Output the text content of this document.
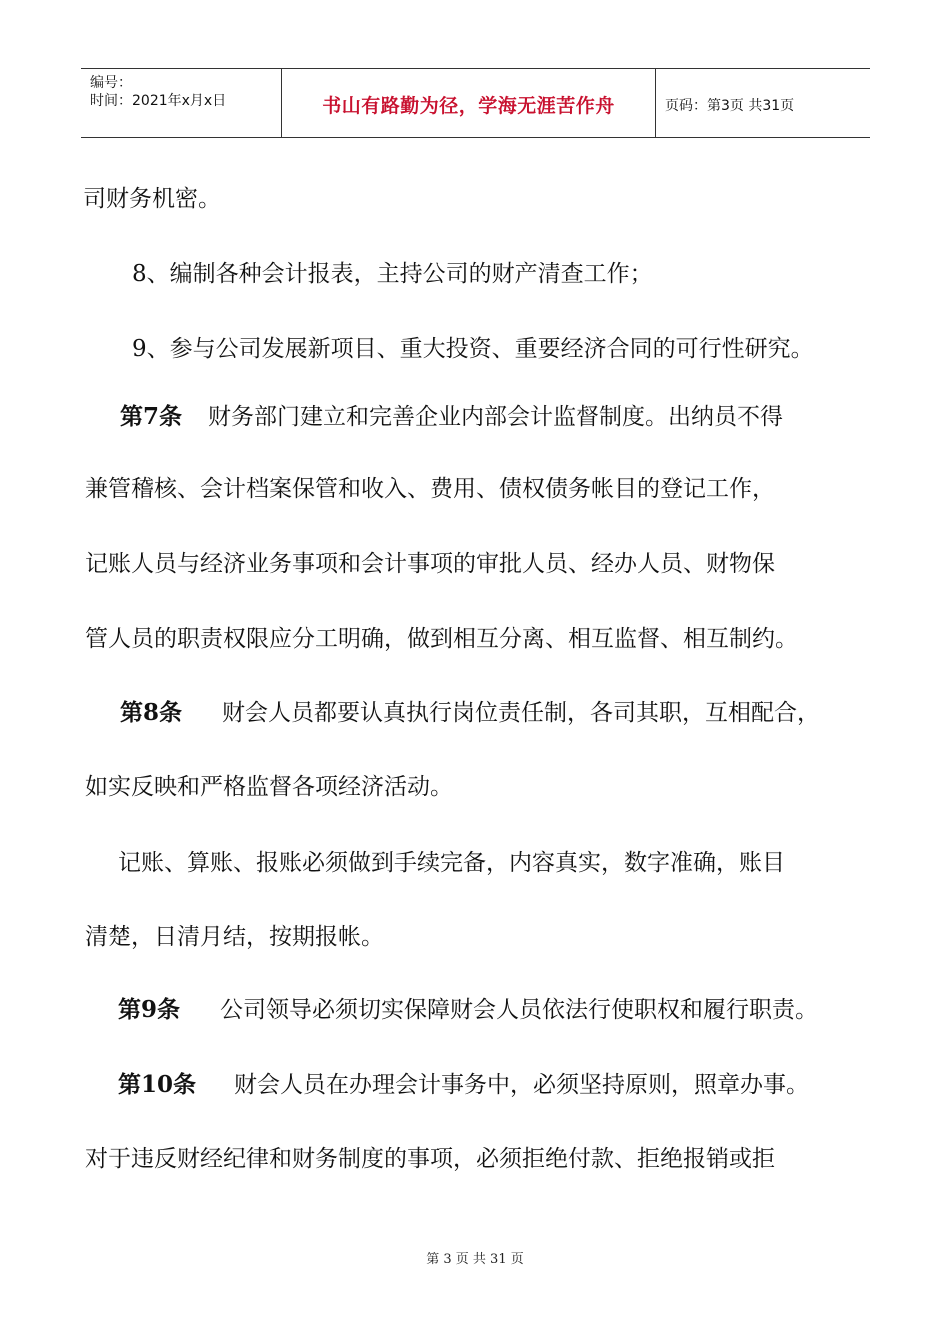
编号：
时间：2021年x月x日	书山有路勤为径，学海无涯苦作舟	页码：第3页 共31页
司财务机密。
8、编制各种会计报表，主持公司的财产清查工作；
9、参与公司发展新项目、重大投资、重要经济合同的可行性研究。
第7条 财务部门建立和完善企业内部会计监督制度。出纳员不得
兼管稽核、会计档案保管和收入、费用、债权债务帐目的登记工作，
记账人员与经济业务事项和会计事项的审批人员、经办人员、财物保
管人员的职责权限应分工明确，做到相互分离、相互监督、相互制约。
第8条 财会人员都要认真执行岗位责任制，各司其职，互相配合，
如实反映和严格监督各项经济活动。
记账、算账、报账必须做到手续完备，内容真实，数字准确，账目
清楚，日清月结，按期报帐。
第9条 公司领导必须切实保障财会人员依法行使职权和履行职责。
第10条 财会人员在办理会计事务中，必须坚持原则，照章办事。
对于违反财经纪律和财务制度的事项，必须拒绝付款、拒绝报销或拒
第 3 页 共 31 页
